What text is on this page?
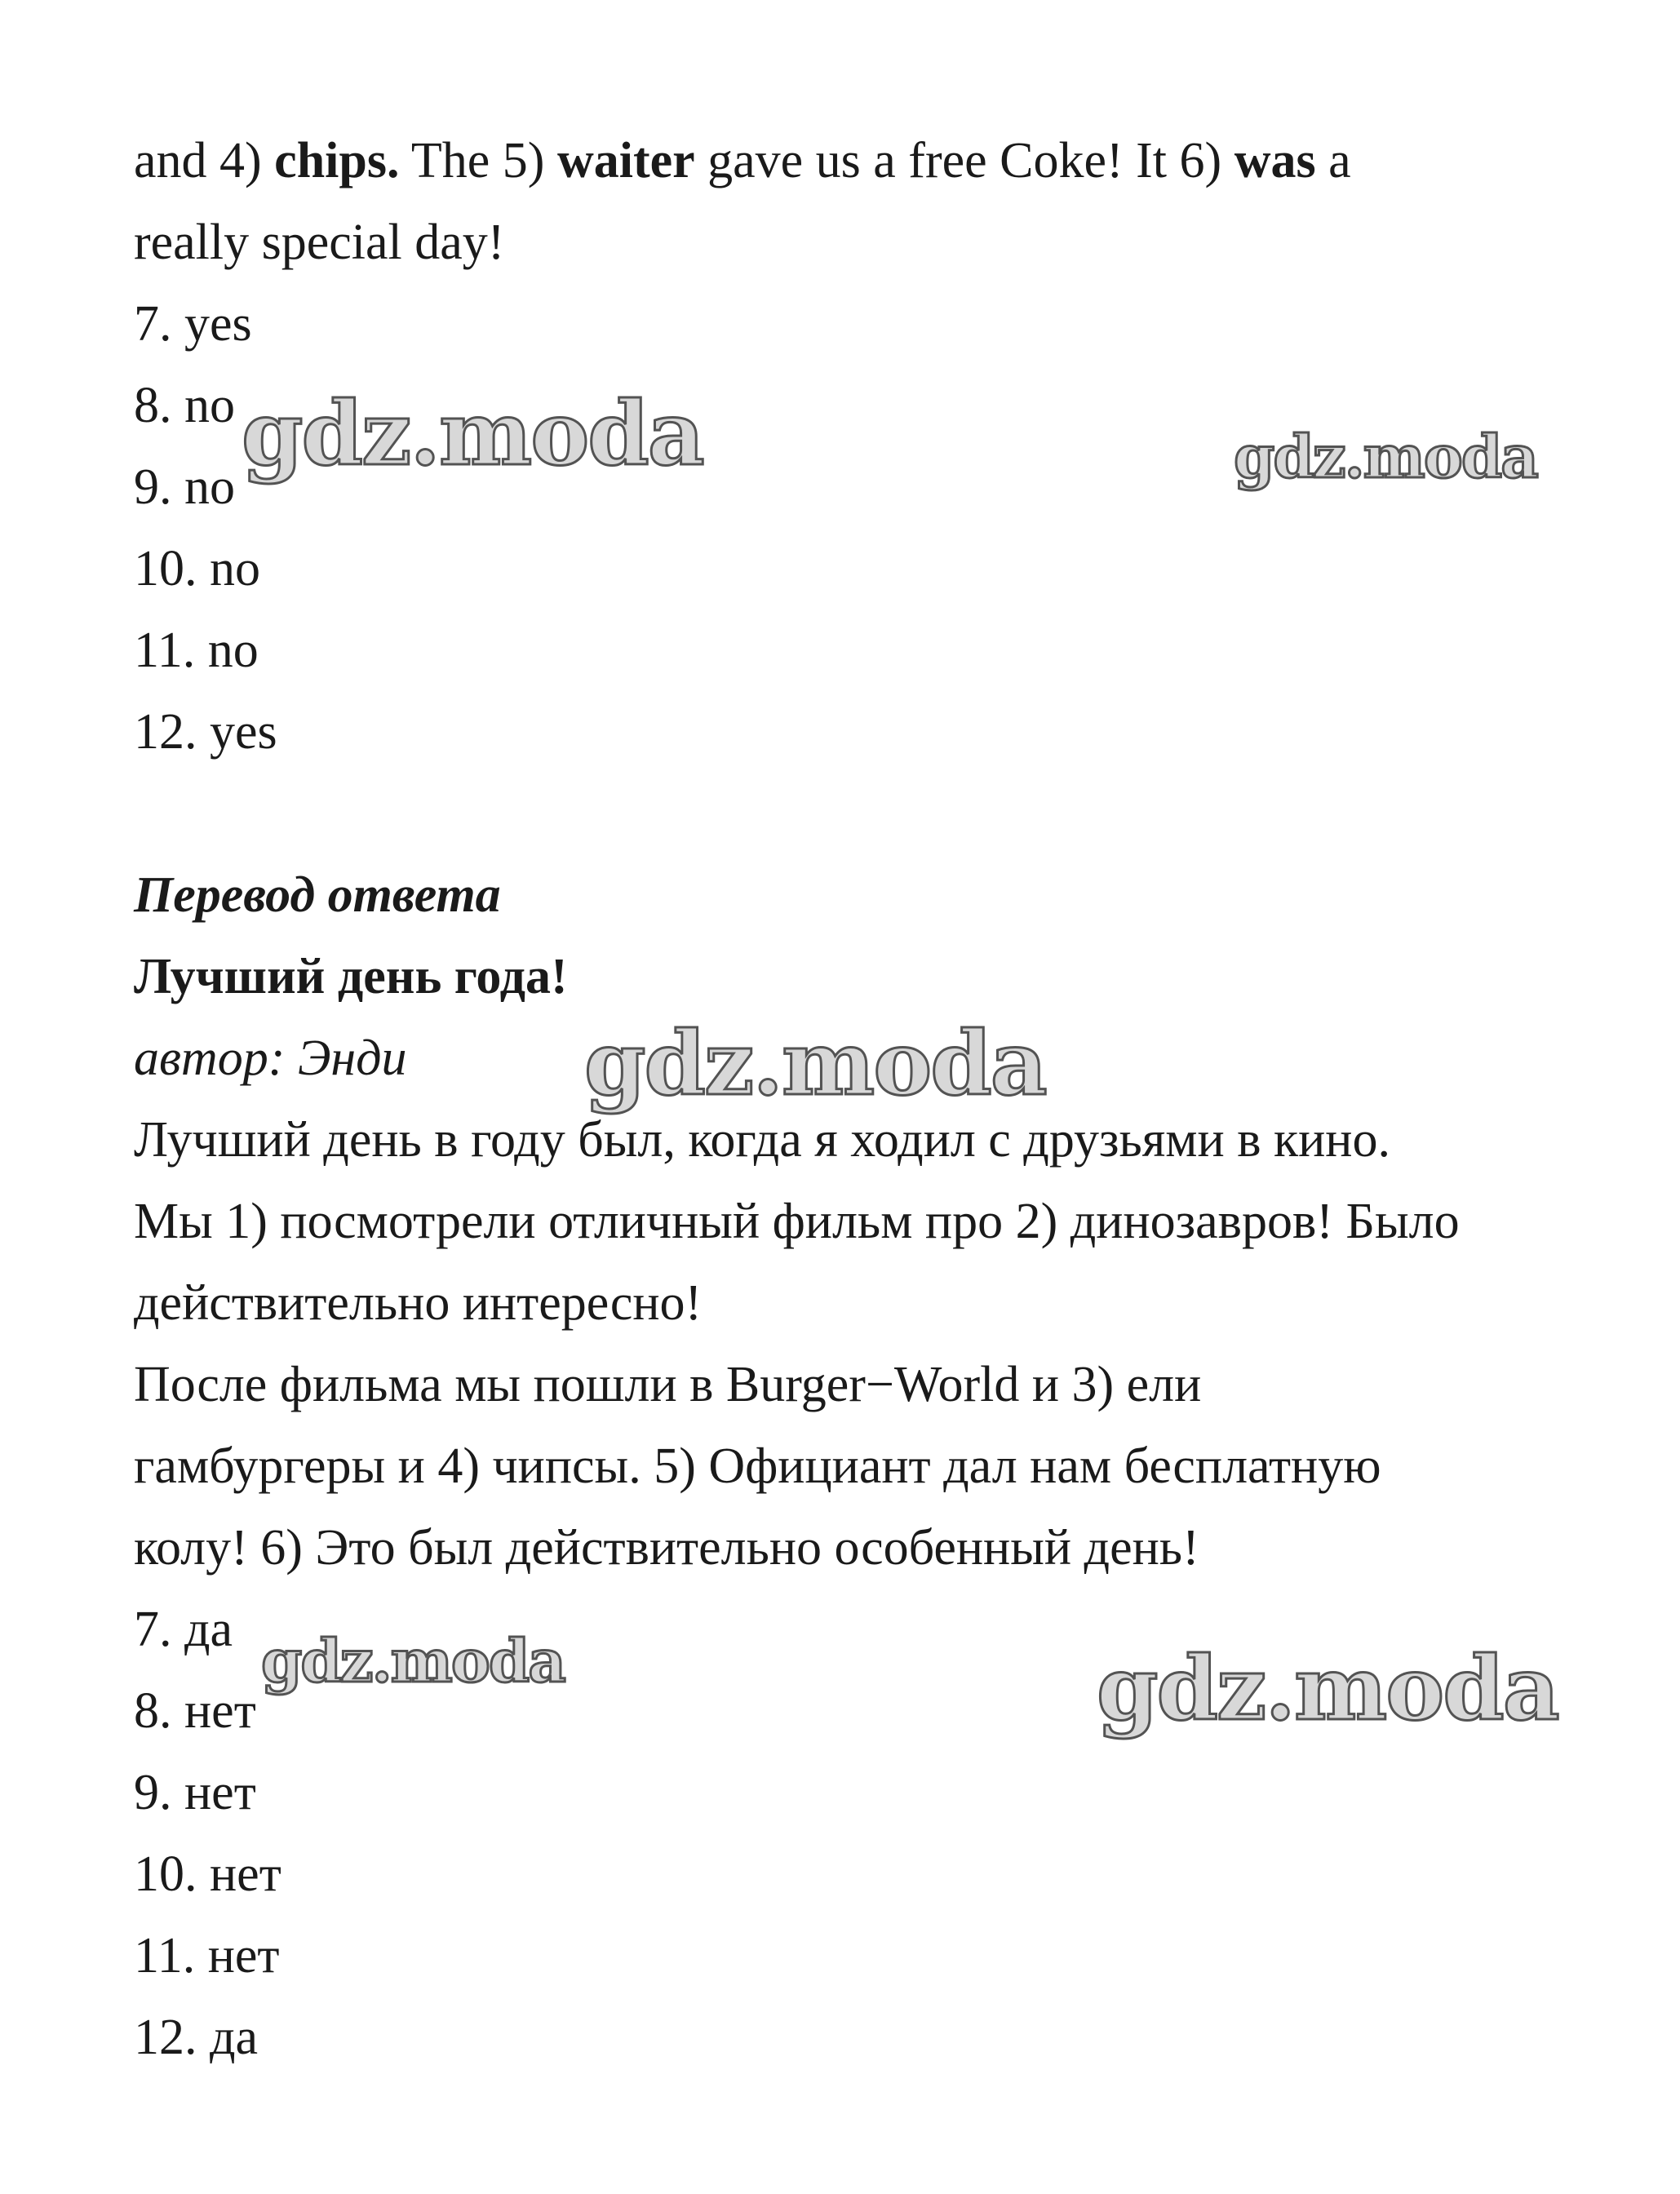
and 4) chips. The 5) waiter gave us a free Coke! It 6) was a
really special day!
7. yes
8. no
9. no
10. no
11. no
12. yes
Перевод ответа
Лучший день года!
автор: Энди
Лучший день в году был, когда я ходил с друзьями в кино.
Мы 1) посмотрели отличный фильм про 2) динозавров! Было
действительно интересно!
После фильма мы пошли в Burger−World и 3) ели
гамбургеры и 4) чипсы. 5) Официант дал нам бесплатную
колу! 6) Это был действительно особенный день!
7. да
8. нет
9. нет
10. нет
11. нет
12. да
gdz.moda	gdz.moda
gdz.moda
gdz.moda	gdz.moda
